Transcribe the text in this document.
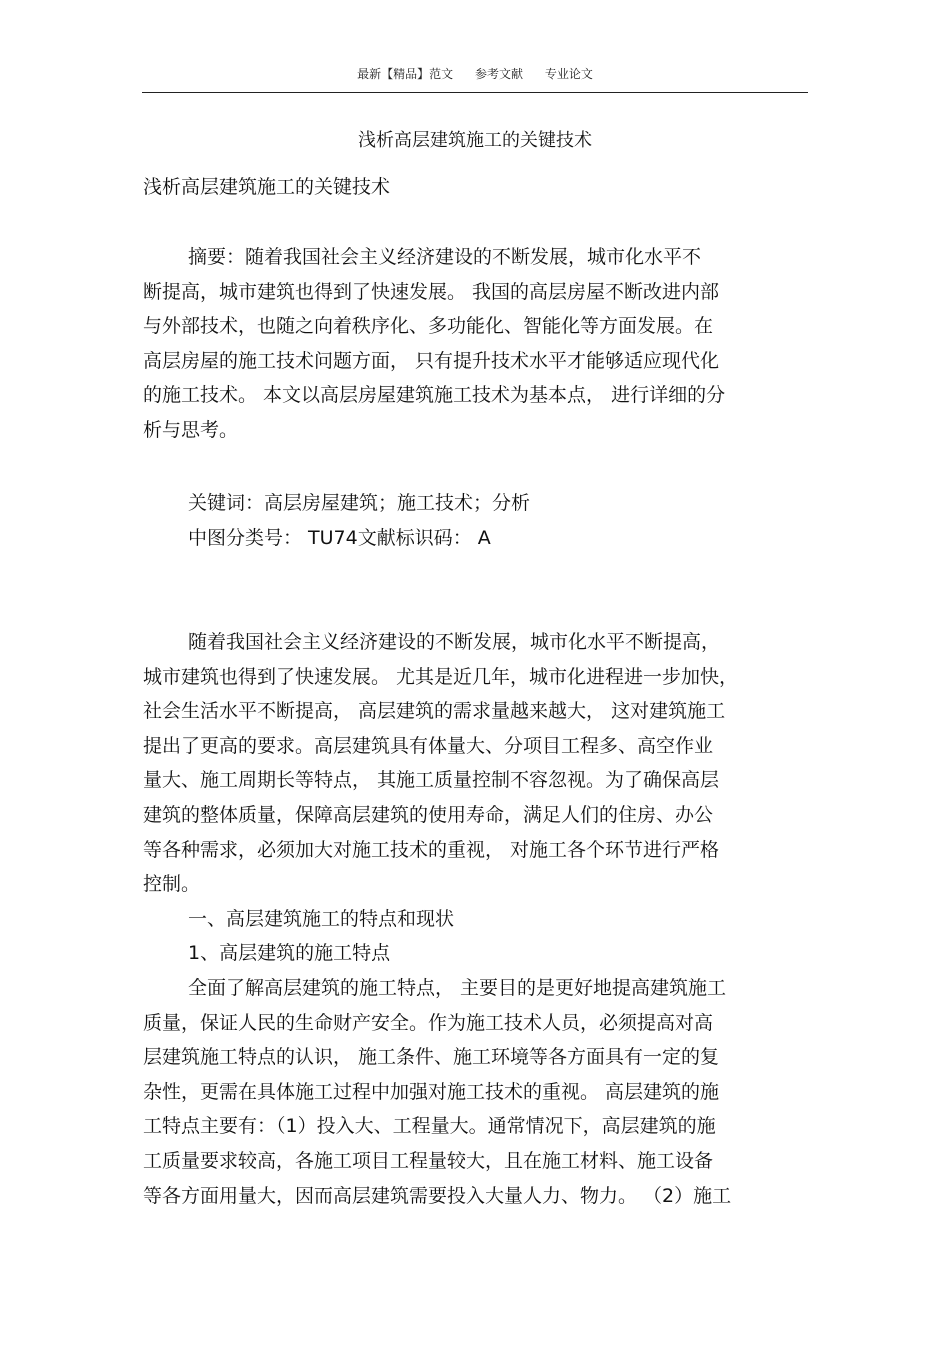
最新【精品】范文 参考文献 专业论文
浅析高层建筑施工的关键技术
浅析高层建筑施工的关键技术
摘要：随着我国社会主义经济建设的不断发展，城市化水平不
断提高，城市建筑也得到了快速发展。 我国的高层房屋不断改进内部
与外部技术，也随之向着秩序化、多功能化、智能化等方面发展。在
高层房屋的施工技术问题方面， 只有提升技术水平才能够适应现代化
的施工技术。 本文以高层房屋建筑施工技术为基本点， 进行详细的分
析与思考。
关键词：高层房屋建筑；施工技术；分析
中图分类号： TU74文献标识码： A
随着我国社会主义经济建设的不断发展，城市化水平不断提高，
城市建筑也得到了快速发展。 尤其是近几年，城市化进程进一步加快，
社会生活水平不断提高， 高层建筑的需求量越来越大， 这对建筑施工
提出了更高的要求。高层建筑具有体量大、分项目工程多、高空作业
量大、施工周期长等特点， 其施工质量控制不容忽视。为了确保高层
建筑的整体质量，保障高层建筑的使用寿命，满足人们的住房、办公
等各种需求，必须加大对施工技术的重视， 对施工各个环节进行严格
控制。
一、高层建筑施工的特点和现状
1、高层建筑的施工特点
全面了解高层建筑的施工特点， 主要目的是更好地提高建筑施工
质量，保证人民的生命财产安全。作为施工技术人员，必须提高对高
层建筑施工特点的认识， 施工条件、施工环境等各方面具有一定的复
杂性，更需在具体施工过程中加强对施工技术的重视。 高层建筑的施
工特点主要有：（1）投入大、工程量大。通常情况下，高层建筑的施
工质量要求较高，各施工项目工程量较大，且在施工材料、施工设备
等各方面用量大，因而高层建筑需要投入大量人力、物力。 （2）施工
